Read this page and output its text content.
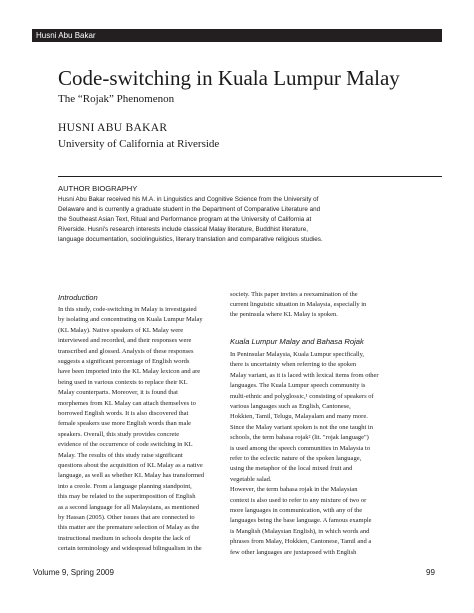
Husni Abu Bakar
Code-switching in Kuala Lumpur Malay
The “Rojak” Phenomenon
HUSNI ABU BAKAR
University of California at Riverside
AUTHOR BIOGRAPHY
Husni Abu Bakar received his M.A. in Linguistics and Cognitive Science from the University of
Delaware and is currently a graduate student in the Department of Comparative Literature and
the Southeast Asian Text, Ritual and Performance program at the University of California at
Riverside. Husni's research interests include classical Malay literature, Buddhist literature,
language documentation, sociolinguistics, literary translation and comparative religious studies.
Introduction
In this study, code-switching in Malay is investigated
by isolating and concentrating on Kuala Lumpur Malay
(KL Malay). Native speakers of KL Malay were
interviewed and recorded, and their responses were
transcribed and glossed. Analysis of these responses
suggests a significant percentage of English words
have been imported into the KL Malay lexicon and are
being used in various contexts to replace their KL
Malay counterparts. Moreover, it is found that
morphemes from KL Malay can attach themselves to
borrowed English words. It is also discovered that
female speakers use more English words than male
speakers. Overall, this study provides concrete
evidence of the occurrence of code switching in KL
Malay. The results of this study raise significant
questions about the acquisition of KL Malay as a native
language, as well as whether KL Malay has transformed
into a creole. From a language planning standpoint,
this may be related to the superimposition of English
as a second language for all Malaysians, as mentioned
by Hassan (2005). Other issues that are connected to
this matter are the premature selection of Malay as the
instructional medium in schools despite the lack of
certain terminology and widespread bilingualism in the
Kuala Lumpur Malay and Bahasa Rojak
society. This paper invites a reexamination of the
current linguistic situation in Malaysia, especially in
the peninsula where KL Malay is spoken.
In Peninsular Malaysia, Kuala Lumpur specifically,
there is uncertainty when referring to the spoken
Malay variant, as it is laced with lexical items from other
languages. The Kuala Lumpur speech community is
multi-ethnic and polyglossic,¹ consisting of speakers of
various languages such as English, Cantonese,
Hokkien, Tamil, Telugu, Malayalam and many more.
Since the Malay variant spoken is not the one taught in
schools, the term bahasa rojak² (lit. "rojak language")
is used among the speech communities in Malaysia to
refer to the eclectic nature of the spoken language,
using the metaphor of the local mixed fruit and
vegetable salad.
However, the term bahasa rojak in the Malaysian
context is also used to refer to any mixture of two or
more languages in communication, with any of the
languages being the base language. A famous example
is Manglish (Malaysian English), in which words and
phrases from Malay, Hokkien, Cantonese, Tamil and a
few other languages are juxtaposed with English
Volume 9, Spring 2009	99
